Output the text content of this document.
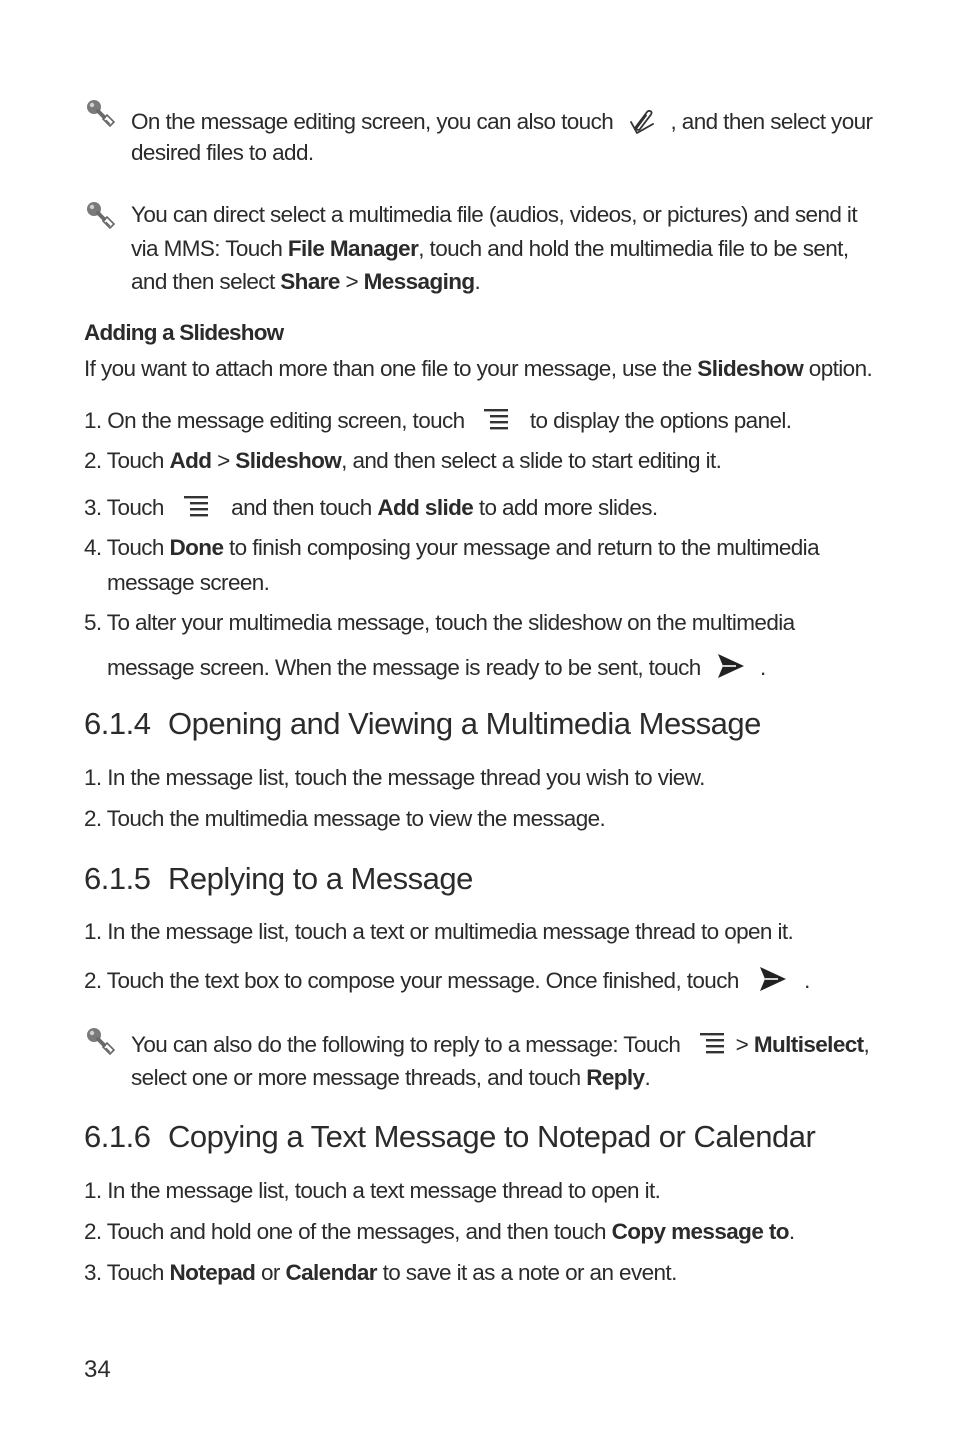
On the message editing screen, you can also touch	, and then select your
desired files to add.
You can direct select a multimedia file (audios, videos, or pictures) and send it
via MMS: Touch File Manager, touch and hold the multimedia file to be sent,
and then select Share > Messaging.
Adding a Slideshow
If you want to attach more than one file to your message, use the Slideshow option.
1. On the message editing screen, touch	to display the options panel.
2. Touch Add > Slideshow, and then select a slide to start editing it.
3. Touch	and then touch Add slide to add more slides.
4. Touch Done to finish composing your message and return to the multimedia
message screen.
5. To alter your multimedia message, touch the slideshow on the multimedia
message screen. When the message is ready to be sent, touch	.
6.1.4 Opening and Viewing a Multimedia Message
1. In the message list, touch the message thread you wish to view.
2. Touch the multimedia message to view the message.
6.1.5 Replying to a Message
1. In the message list, touch a text or multimedia message thread to open it.
2. Touch the text box to compose your message. Once finished, touch	.
You can also do the following to reply to a message: Touch  > Multiselect,
select one or more message threads, and touch Reply.
6.1.6 Copying a Text Message to Notepad or Calendar
1. In the message list, touch a text message thread to open it.
2. Touch and hold one of the messages, and then touch Copy message to.
3. Touch Notepad or Calendar to save it as a note or an event.
34
